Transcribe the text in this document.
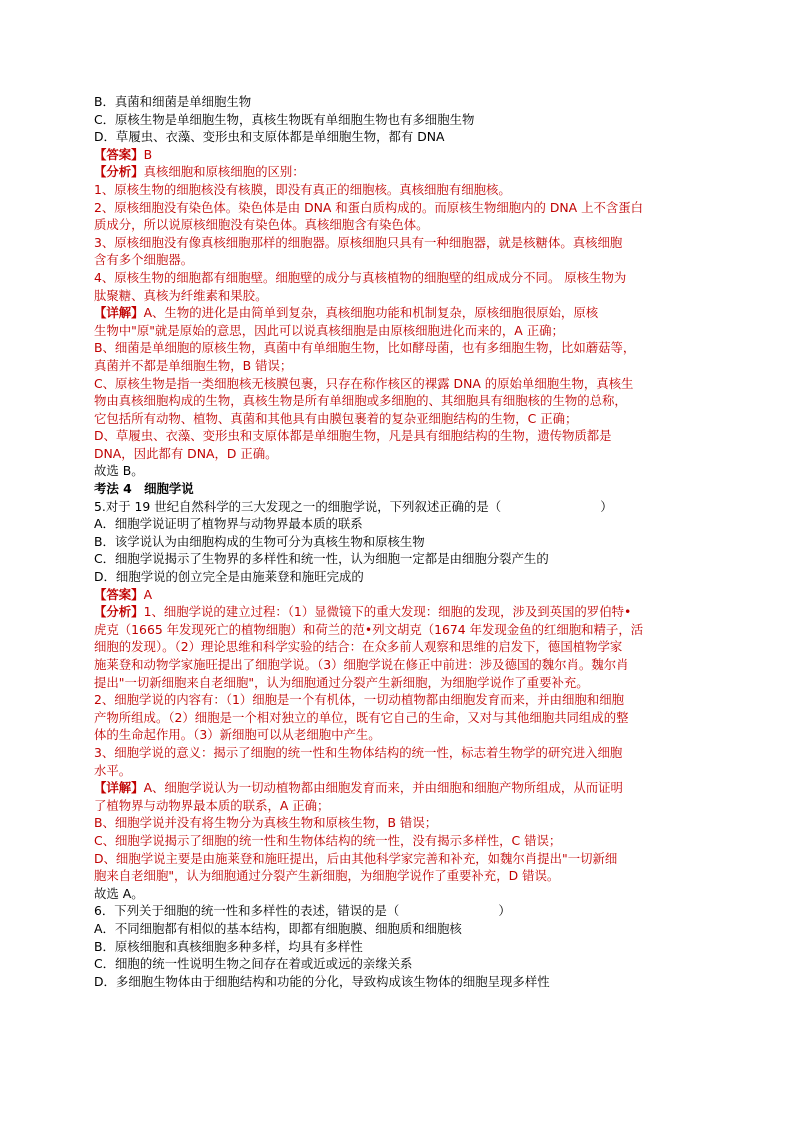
B．真菌和细菌是单细胞生物
C．原核生物是单细胞生物，真核生物既有单细胞生物也有多细胞生物
D．草履虫、衣藻、变形虫和支原体都是单细胞生物，都有 DNA
【答案】B
【分析】真核细胞和原核细胞的区别：
1、原核生物的细胞核没有核膜，即没有真正的细胞核。真核细胞有细胞核。
2、原核细胞没有染色体。染色体是由 DNA 和蛋白质构成的。而原核生物细胞内的 DNA 上不含蛋白
质成分，所以说原核细胞没有染色体。真核细胞含有染色体。
3、原核细胞没有像真核细胞那样的细胞器。原核细胞只具有一种细胞器，就是核糖体。真核细胞
含有多个细胞器。
4、原核生物的细胞都有细胞壁。细胞壁的成分与真核植物的细胞壁的组成成分不同。 原核生物为
肽聚糖、真核为纤维素和果胶。
【详解】A、生物的进化是由简单到复杂，真核细胞功能和机制复杂，原核细胞很原始，原核
生物中"原"就是原始的意思，因此可以说真核细胞是由原核细胞进化而来的，A 正确；
B、细菌是单细胞的原核生物，真菌中有单细胞生物，比如酵母菌，也有多细胞生物，比如蘑菇等，
真菌并不都是单细胞生物，B 错误；
C、原核生物是指一类细胞核无核膜包裹，只存在称作核区的裸露 DNA 的原始单细胞生物，真核生
物由真核细胞构成的生物，真核生物是所有单细胞或多细胞的、其细胞具有细胞核的生物的总称，
它包括所有动物、植物、真菌和其他具有由膜包裹着的复杂亚细胞结构的生物，C 正确；
D、草履虫、衣藻、变形虫和支原体都是单细胞生物，凡是具有细胞结构的生物，遗传物质都是
DNA，因此都有 DNA，D 正确。
故选 B。
考法 4　细胞学说
5.对于 19 世纪自然科学的三大发现之一的细胞学说，下列叙述正确的是（　　　　　　　　）
A．细胞学说证明了植物界与动物界最本质的联系
B．该学说认为由细胞构成的生物可分为真核生物和原核生物
C．细胞学说揭示了生物界的多样性和统一性，认为细胞一定都是由细胞分裂产生的
D．细胞学说的创立完全是由施莱登和施旺完成的
【答案】A
【分析】1、细胞学说的建立过程：（1）显微镜下的重大发现：细胞的发现，涉及到英国的罗伯特•
虎克（1665 年发现死亡的植物细胞）和荷兰的范•列文胡克（1674 年发现金鱼的红细胞和精子，活
细胞的发现）。（2）理论思维和科学实验的结合：在众多前人观察和思维的启发下，德国植物学家
施莱登和动物学家施旺提出了细胞学说。（3）细胞学说在修正中前进：涉及德国的魏尔肖。魏尔肖
提出"一切新细胞来自老细胞"，认为细胞通过分裂产生新细胞，为细胞学说作了重要补充。
2、细胞学说的内容有：（1）细胞是一个有机体，一切动植物都由细胞发育而来，并由细胞和细胞
产物所组成。（2）细胞是一个相对独立的单位，既有它自己的生命，又对与其他细胞共同组成的整
体的生命起作用。（3）新细胞可以从老细胞中产生。
3、细胞学说的意义：揭示了细胞的统一性和生物体结构的统一性，标志着生物学的研究进入细胞
水平。
【详解】A、细胞学说认为一切动植物都由细胞发育而来，并由细胞和细胞产物所组成，从而证明
了植物界与动物界最本质的联系，A 正确；
B、细胞学说并没有将生物分为真核生物和原核生物，B 错误；
C、细胞学说揭示了细胞的统一性和生物体结构的统一性，没有揭示多样性，C 错误；
D、细胞学说主要是由施莱登和施旺提出，后由其他科学家完善和补充，如魏尔肖提出"一切新细
胞来自老细胞"，认为细胞通过分裂产生新细胞，为细胞学说作了重要补充，D 错误。
故选 A。
6．下列关于细胞的统一性和多样性的表述，错误的是（　　　　　　　　）
A．不同细胞都有相似的基本结构，即都有细胞膜、细胞质和细胞核
B．原核细胞和真核细胞多种多样，均具有多样性
C．细胞的统一性说明生物之间存在着或近或远的亲缘关系
D．多细胞生物体由于细胞结构和功能的分化，导致构成该生物体的细胞呈现多样性
